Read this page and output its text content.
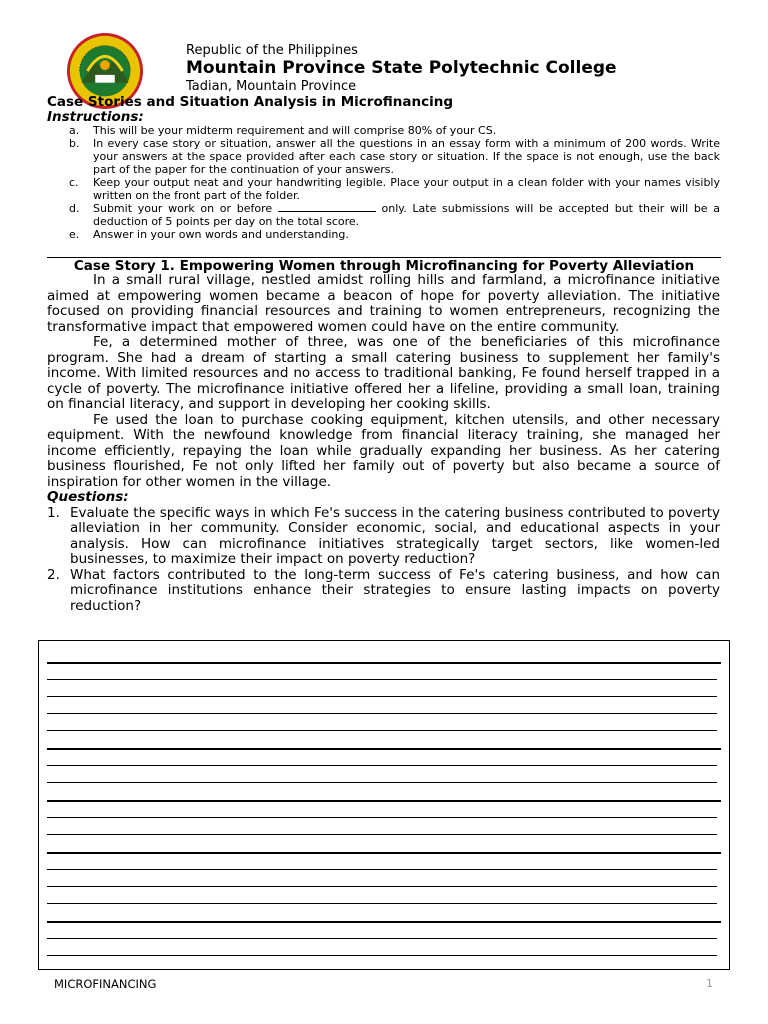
Republic of the Philippines
Mountain Province State Polytechnic College
Tadian, Mountain Province
Case Stories and Situation Analysis in Microfinancing
Instructions:
a.	This will be your midterm requirement and will comprise 80% of your CS.
b.	In every case story or situation, answer all the questions in an essay form with a minimum of 200 words. Write your answers at the space provided after each case story or situation. If the space is not enough, use the back part of the paper for the continuation of your answers.
c.	Keep your output neat and your handwriting legible. Place your output in a clean folder with your names visibly written on the front part of the folder.
d.	Submit your work on or before	only. Late submissions will be accepted but their will be a deduction of 5 points per day on the total score.
e.	Answer in your own words and understanding.
Case Story 1. Empowering Women through Microfinancing for Poverty Alleviation

In a small rural village, nestled amidst rolling hills and farmland, a microfinance initiative aimed at empowering women became a beacon of hope for poverty alleviation. The initiative focused on providing financial resources and training to women entrepreneurs, recognizing the transformative impact that empowered women could have on the entire community.

Fe, a determined mother of three, was one of the beneficiaries of this microfinance program. She had a dream of starting a small catering business to supplement her family's income. With limited resources and no access to traditional banking, Fe found herself trapped in a cycle of poverty. The microfinance initiative offered her a lifeline, providing a small loan, training on financial literacy, and support in developing her cooking skills.

Fe used the loan to purchase cooking equipment, kitchen utensils, and other necessary equipment. With the newfound knowledge from financial literacy training, she managed her income efficiently, repaying the loan while gradually expanding her business. As her catering business flourished, Fe not only lifted her family out of poverty but also became a source of inspiration for other women in the village.

Questions:
1. Evaluate the specific ways in which Fe's success in the catering business contributed to poverty alleviation in her community. Consider economic, social, and educational aspects in your analysis. How can microfinance initiatives strategically target sectors, like women-led businesses, to maximize their impact on poverty reduction?
2. What factors contributed to the long-term success of Fe's catering business, and how can microfinance institutions enhance their strategies to ensure lasting impacts on poverty reduction?
MICROFINANCING	1
